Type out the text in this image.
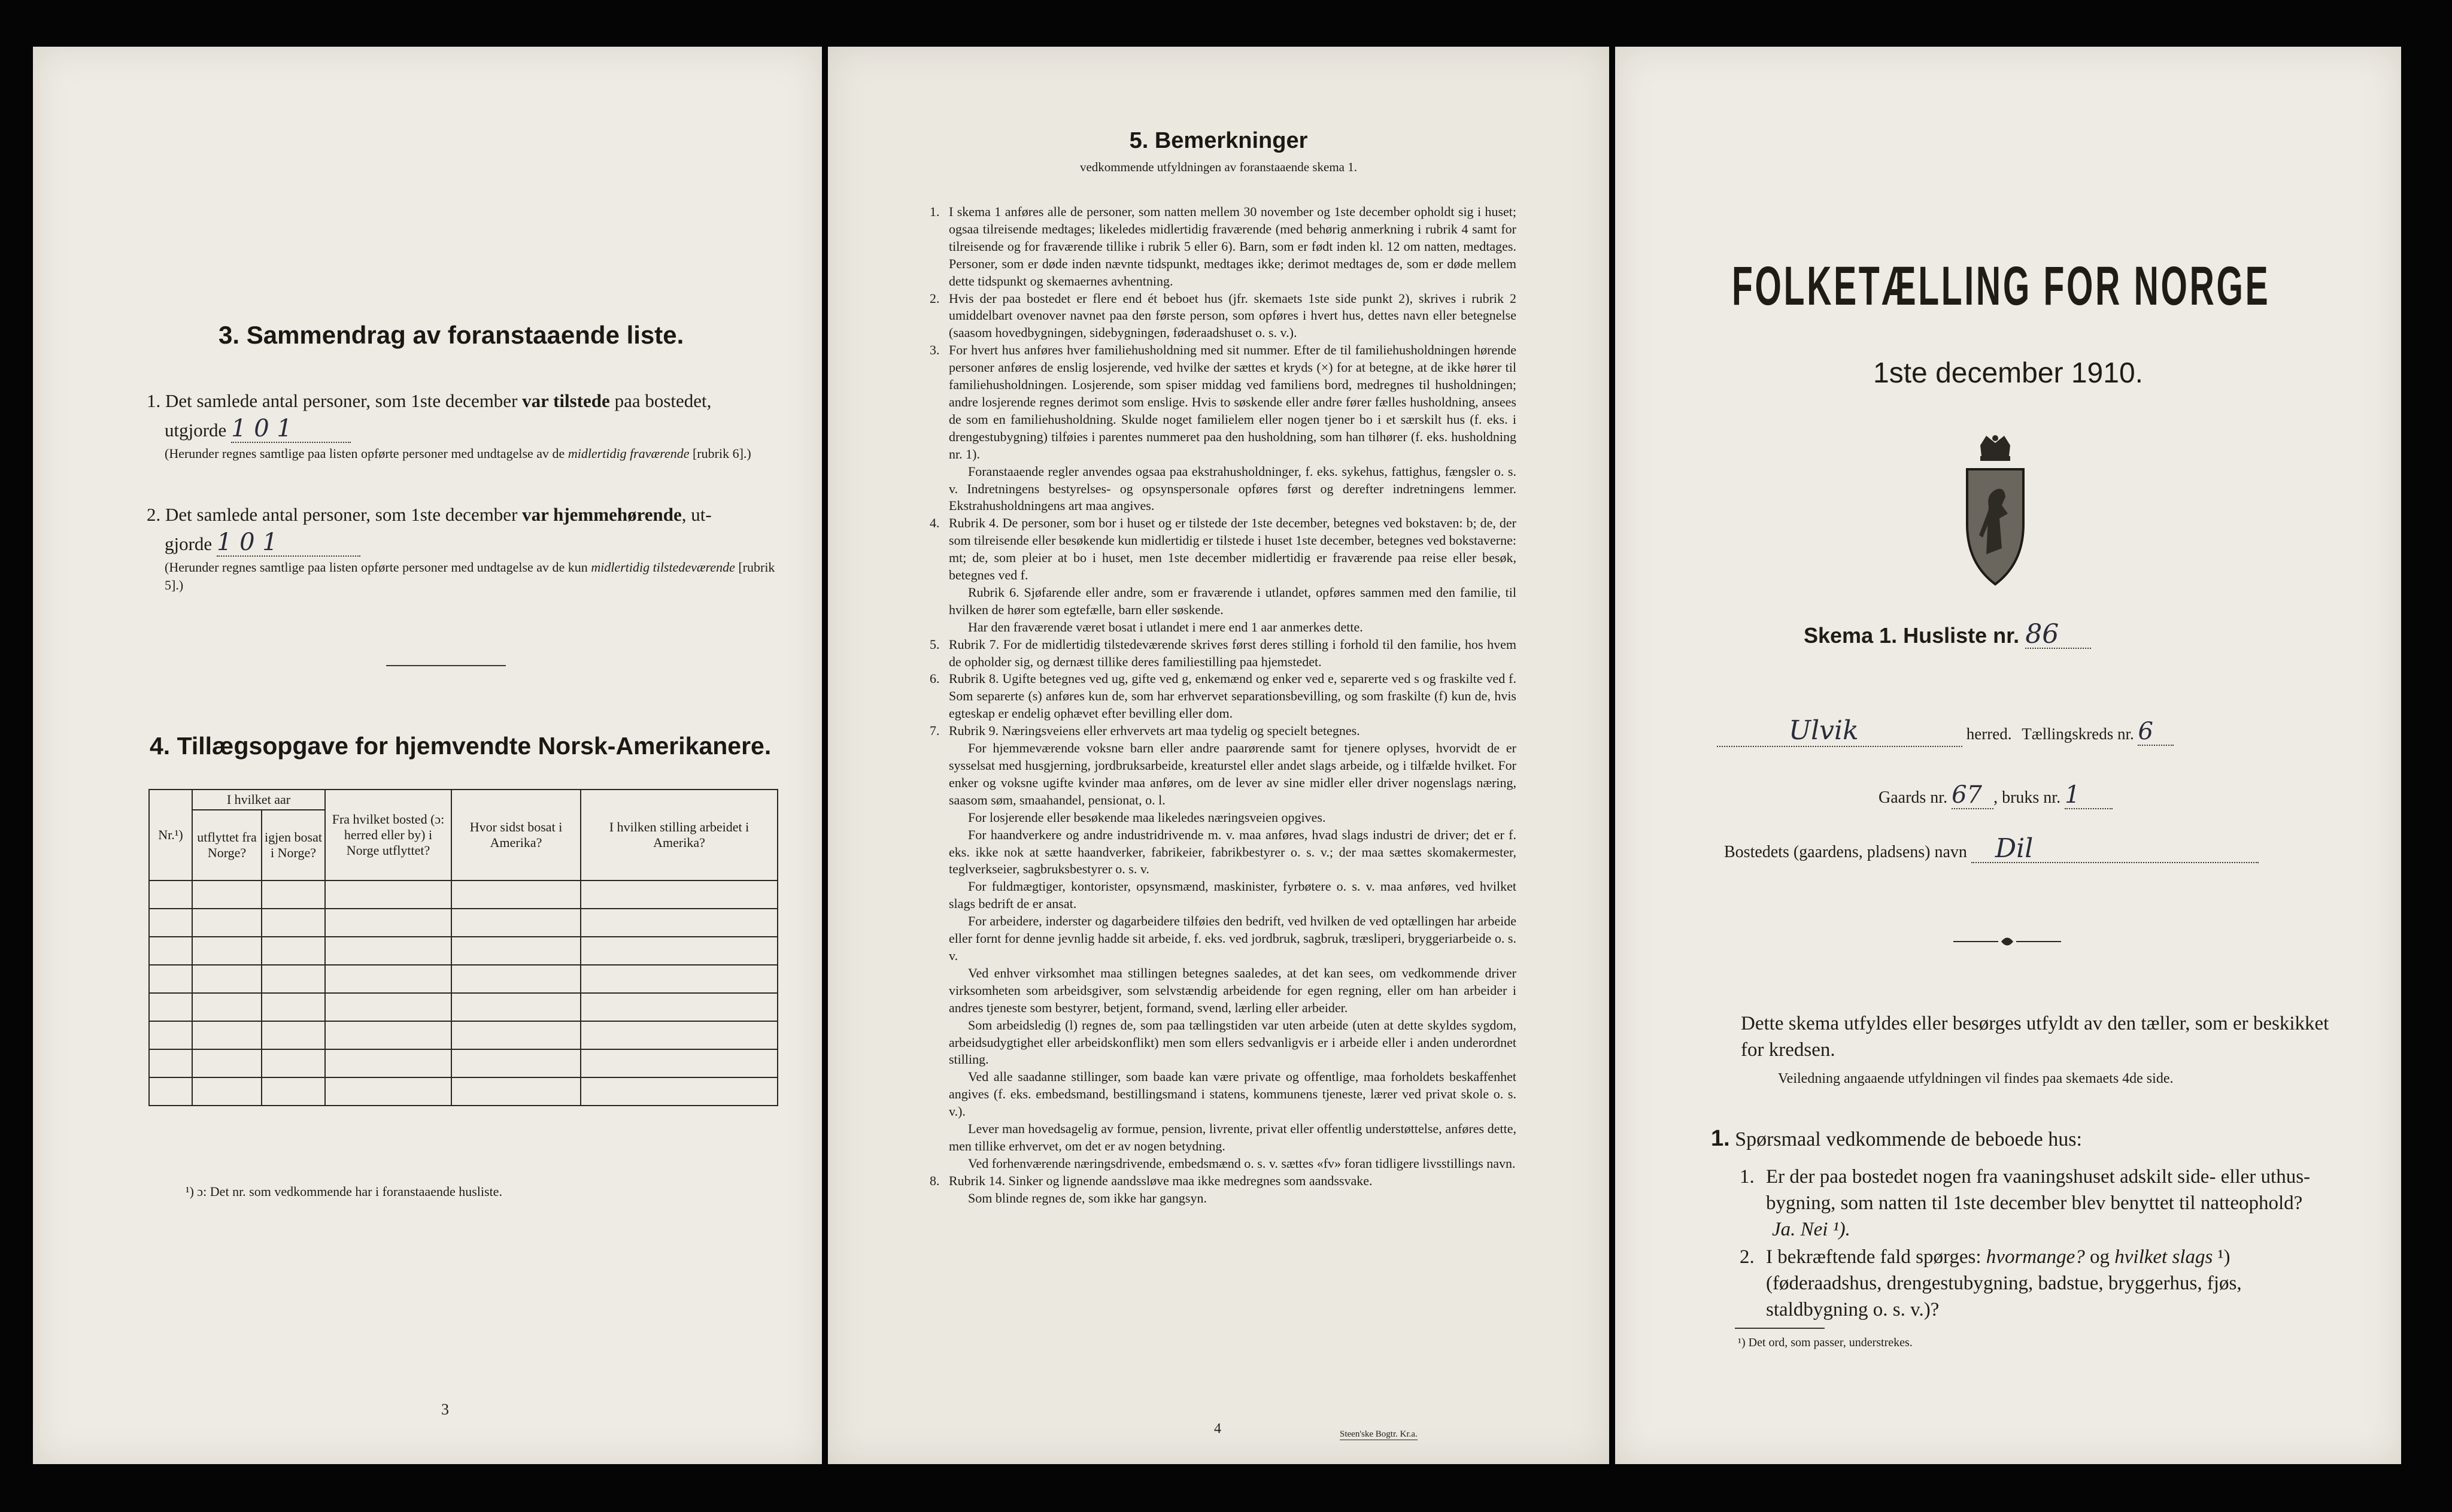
3. Sammendrag av foranstaaende liste.
1. Det samlede antal personer, som 1ste december var tilstede paa bostedet,
utgjorde 1 0 1
(Herunder regnes samtlige paa listen opførte personer med undtagelse av de midlertidig fraværende [rubrik 6].)
2. Det samlede antal personer, som 1ste december var hjemmehørende, ut-
gjorde 1 0 1
(Herunder regnes samtlige paa listen opførte personer med undtagelse av de kun midlertidig tilstedeværende [rubrik 5].)
4. Tillægsopgave for hjemvendte Norsk-Amerikanere.
Nr.¹)	I hvilket aar		Fra hvilket bosted (ɔ: herred eller by) i Norge utflyttet?	Hvor sidst bosat i Amerika?	I hvilken stilling arbeidet i Amerika?
	utflyttet fra Norge?	igjen bosat i Norge?			

¹) ɔ: Det nr. som vedkommende har i foranstaaende husliste.
3
5. Bemerkninger
vedkommende utfyldningen av foranstaaende skema 1.
1. I skema 1 anføres alle de personer, som natten mellem 30 november og 1ste december opholdt sig i huset; ogsaa tilreisende medtages; likeledes midlertidig fraværende (med behørig anmerkning i rubrik 4 samt for tilreisende og for fraværende tillike i rubrik 5 eller 6). Barn, som er født inden kl. 12 om natten, medtages. Personer, som er døde inden nævnte tidspunkt, medtages ikke; derimot medtages de, som er døde mellem dette tidspunkt og skemaernes avhentning.

2. Hvis der paa bostedet er flere end ét beboet hus (jfr. skemaets 1ste side punkt 2), skrives i rubrik 2 umiddelbart ovenover navnet paa den første person, som opføres i hvert hus, dettes navn eller betegnelse (saasom hovedbygningen, sidebygningen, føderaadshuset o. s. v.).

3. For hvert hus anføres hver familiehusholdning med sit nummer. Efter de til familiehusholdningen hørende personer anføres de enslig losjerende, ved hvilke der sættes et kryds (×) for at betegne, at de ikke hører til familiehusholdningen. Losjerende, som spiser middag ved familiens bord, medregnes til husholdningen; andre losjerende regnes derimot som enslige. Hvis to søskende eller andre fører fælles husholdning, ansees de som en familiehusholdning. Skulde noget familielem eller nogen tjener bo i et særskilt hus (f. eks. i drengestubygning) tilføies i parentes nummeret paa den husholdning, som han tilhører (f. eks. husholdning nr. 1).

Foranstaaende regler anvendes ogsaa paa ekstrahusholdninger, f. eks. sykehus, fattighus, fængsler o. s. v. Indretningens bestyrelses- og opsynspersonale opføres først og derefter indretningens lemmer. Ekstrahusholdningens art maa angives.
4. Rubrik 4. De personer, som bor i huset og er tilstede der 1ste december, betegnes ved bokstaven: b; de, der som tilreisende eller besøkende kun midlertidig er tilstede i huset 1ste december, betegnes ved bokstaverne: mt; de, som pleier at bo i huset, men 1ste december midlertidig er fraværende paa reise eller besøk, betegnes ved f.

Rubrik 6. Sjøfarende eller andre, som er fraværende i utlandet, opføres sammen med den familie, til hvilken de hører som egtefælle, barn eller søskende.
Har den fraværende været bosat i utlandet i mere end 1 aar anmerkes dette.
5. Rubrik 7. For de midlertidig tilstedeværende skrives først deres stilling i forhold til den familie, hos hvem de opholder sig, og dernæst tillike deres familiestilling paa hjemstedet.

6. Rubrik 8. Ugifte betegnes ved ug, gifte ved g, enkemænd og enker ved e, separerte ved s og fraskilte ved f. Som separerte (s) anføres kun de, som har erhvervet separationsbevilling, og som fraskilte (f) kun de, hvis egteskap er endelig ophævet efter bevilling eller dom.

7. Rubrik 9. Næringsveiens eller erhvervets art maa tydelig og specielt betegnes.

For hjemmeværende voksne barn eller andre paarørende samt for tjenere oplyses, hvorvidt de er sysselsat med husgjerning, jordbruksarbeide, kreaturstel eller andet slags arbeide, og i tilfælde hvilket. For enker og voksne ugifte kvinder maa anføres, om de lever av sine midler eller driver nogenslags næring, saasom søm, smaahandel, pensionat, o. l.
For losjerende eller besøkende maa likeledes næringsveien opgives.
For haandverkere og andre industridrivende m. v. maa anføres, hvad slags industri de driver; det er f. eks. ikke nok at sætte haandverker, fabrikeier, fabrikbestyrer o. s. v.; der maa sættes skomakermester, teglverkseier, sagbruksbestyrer o. s. v.
For fuldmægtiger, kontorister, opsynsmænd, maskinister, fyrbøtere o. s. v. maa anføres, ved hvilket slags bedrift de er ansat.
For arbeidere, inderster og dagarbeidere tilføies den bedrift, ved hvilken de ved optællingen har arbeide eller fornt for denne jevnlig hadde sit arbeide, f. eks. ved jordbruk, sagbruk, træsliperi, bryggeriarbeide o. s. v.
Ved enhver virksomhet maa stillingen betegnes saaledes, at det kan sees, om vedkommende driver virksomheten som arbeidsgiver, som selvstændig arbeidende for egen regning, eller om han arbeider i andres tjeneste som bestyrer, betjent, formand, svend, lærling eller arbeider.
Som arbeidsledig (l) regnes de, som paa tællingstiden var uten arbeide (uten at dette skyldes sygdom, arbeidsudygtighet eller arbeidskonflikt) men som ellers sedvanligvis er i arbeide eller i anden underordnet stilling.
Ved alle saadanne stillinger, som baade kan være private og offentlige, maa forholdets beskaffenhet angives (f. eks. embedsmand, bestillingsmand i statens, kommunens tjeneste, lærer ved privat skole o. s. v.).
Lever man hovedsagelig av formue, pension, livrente, privat eller offentlig understøttelse, anføres dette, men tillike erhvervet, om det er av nogen betydning.
Ved forhenværende næringsdrivende, embedsmænd o. s. v. sættes «fv» foran tidligere livsstillings navn.
8. Rubrik 14. Sinker og lignende aandssløve maa ikke medregnes som aandssvake.

Som blinde regnes de, som ikke har gangsyn.
4	Steen'ske Bogtr. Kr.a.
FOLKETÆLLING FOR NORGE
1ste december 1910.
Skema 1. Husliste nr. 86
Ulvik	herred. Tællingskreds nr. 6
Gaards nr. 67 , bruks nr. 1
Bostedets (gaardens, pladsens) navn Dil
Dette skema utfyldes eller besørges utfyldt av den tæller, som er beskikket for kredsen.
Veiledning angaaende utfyldningen vil findes paa skemaets 4de side.
1. Spørsmaal vedkommende de beboede hus:
1. Er der paa bostedet nogen fra vaaningshuset adskilt side- eller uthus-bygning, som natten til 1ste december blev benyttet til natteophold? Ja. Nei ¹).
2. I bekræftende fald spørges: hvormange? og hvilket slags ¹) (føderaadshus, drengestubygning, badstue, bryggerhus, fjøs, staldbygning o. s. v.)?
¹) Det ord, som passer, understrekes.
